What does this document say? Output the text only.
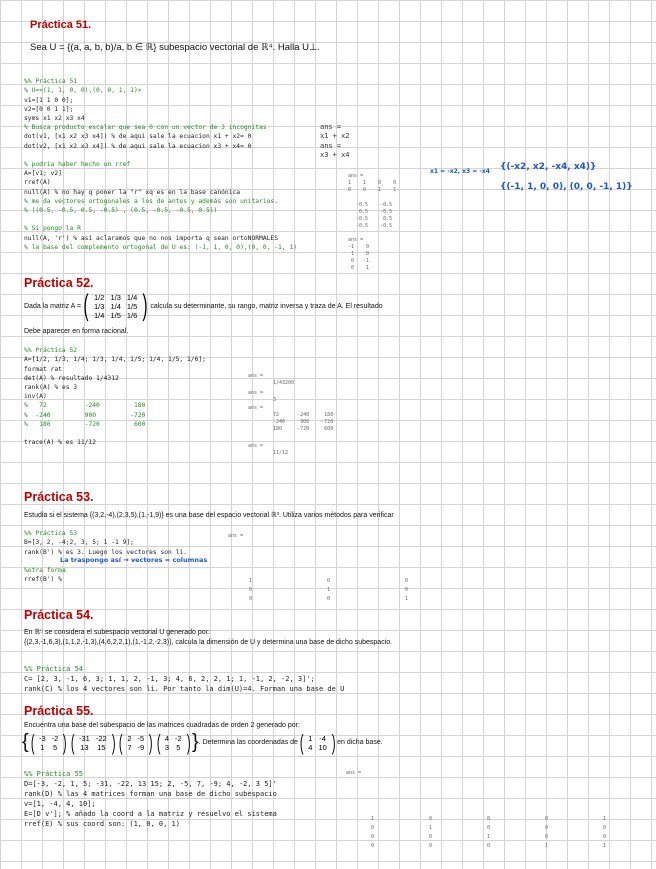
Práctica 51.
Sea U = {(a, a, b, b)/a, b ∈ ℝ} subespacio vectorial de ℝ⁴. Halla U⊥.

%% Práctica 51
% U=<(1, 1, 0, 0),(0, 0, 1, 1)>
v1=[1 1 0 0];
v2=[0 0 1 1];
syms x1 x2 x3 x4
% Busca producto escalar que sea 0 con un vector de 3 incognitas
dot(v1, [x1 x2 x3 x4]) % de aqui sale la ecuacion x1 + x2= 0
dot(v2, [x1 x2 x3 x4]) % de aqui sale la ecuacion x3 + x4= 0

% podria haber hecho un rref
A=[v1; v2]
rref(A)
null(A) % no hay q poner la "r" xq es en la base canónica
% me da vectores ortogonales a los de antes y además son unitarios.
% ((0.5, -0.5, 0.5, -0.5) , (0.5, -0.5, -0.5, 0.5))

% Si pongo la R
null(A, 'r') % así aclaramos que no nos importa q sean ortoNORMALES
% la base del complemento ortogonal de U es: (-1, 1, 0, 0),(0, 0, -1, 1)

ans =
x1 + x2
ans =
x3 + x4

ans =
1    1    0    0
0    0    1    1

-0.5    -0.5
0.5    -0.5
-0.5     0.5
-0.5    -0.5

ans =
-1    0
1    0
0   -1
0    1

x1 = -x2, x3 = -x4 {(-x2, x2, -x4, x4)}
{(-1, 1, 0, 0), (0, 0, -1, 1)}
Práctica 52.
Dada la matriz A = ( 1/2	1/3	1/4
1/3	1/4	1/5
1/4	1/5	1/6 ) calcula su determinante, su rango, matriz inversa y traza de A. El resultado
Debe aparecer en forma racional.

%% Práctica 52
A=[1/2, 1/3, 1/4; 1/3, 1/4, 1/5; 1/4, 1/5, 1/6];
format rat
det(A) % resultado 1/4312
rank(A) % es 3
inv(A)
%   72          -240         180
%  -240         900         -720
%   180         -720         600

trace(A) % es 11/12

ans =
1/43200

ans =
3

ans =
72      -240     180
-240     900    -720
180     -720     600

ans =
11/12

Práctica 53.
Estudia si el sistema {(3,2,-4),(2,3,5),(1,-1,9)} es una base del espacio vectorial ℝ³. Utiliza varios métodos para verificar

%% Práctica 53
B=[3, 2, -4;2, 3, 5; 1 -1 9];
rank(B') % es 3. Luego los vectores son li.

%otra forma
rref(B') %

La traspongo así → vectores = columnas
ans =

1	0	0
0	1	0
0	0	1

Práctica 54.
En ℝ⁵ se considera el subespacio vectorial U generado por:
{(2,3,-1,6,3),(1,1,2,-1,3),(4,6,2,2,1),(1,-1,2,-2,3)}, calcula la dimensión de U y determina una base de dicho subespacio.

%% Práctica 54
C= [2, 3, -1, 6, 3; 1, 1, 2, -1, 3; 4, 6, 2, 2, 1; 1, -1, 2, -2, 3]';
rank(C) % los 4 vectores son li. Por tanto la dim(U)=4. Forman una base de U

Práctica 55.
Encuentra una base del subespacio de las matrices cuadradas de orden 2 generado por:
{ ( -3	-2
1	5 ) ( -31	-22
13	15 ) ( 2	-5
7	-9 ) ( 4	-2
3	5 ) } . Determina las coordenadas de ( 1	-4
4	10 ) en dicha base.

%% Práctica 55
D=[-3, -2, 1, 5; -31, -22, 13 15; 2, -5, 7, -9; 4, -2, 3 5]'
rank(D) % las 4 matrices forman una base de dicho subespacio
v=[1, -4, 4, 10];
E=[D v']; % añado la coord a la matriz y resuelvo el sistema
rref(E) % sus coord son: (1, 0, 0, 1)

ans =

1	0	0	0	1
0	1	0	0	0
0	0	1	0	0
0	0	0	1	1
